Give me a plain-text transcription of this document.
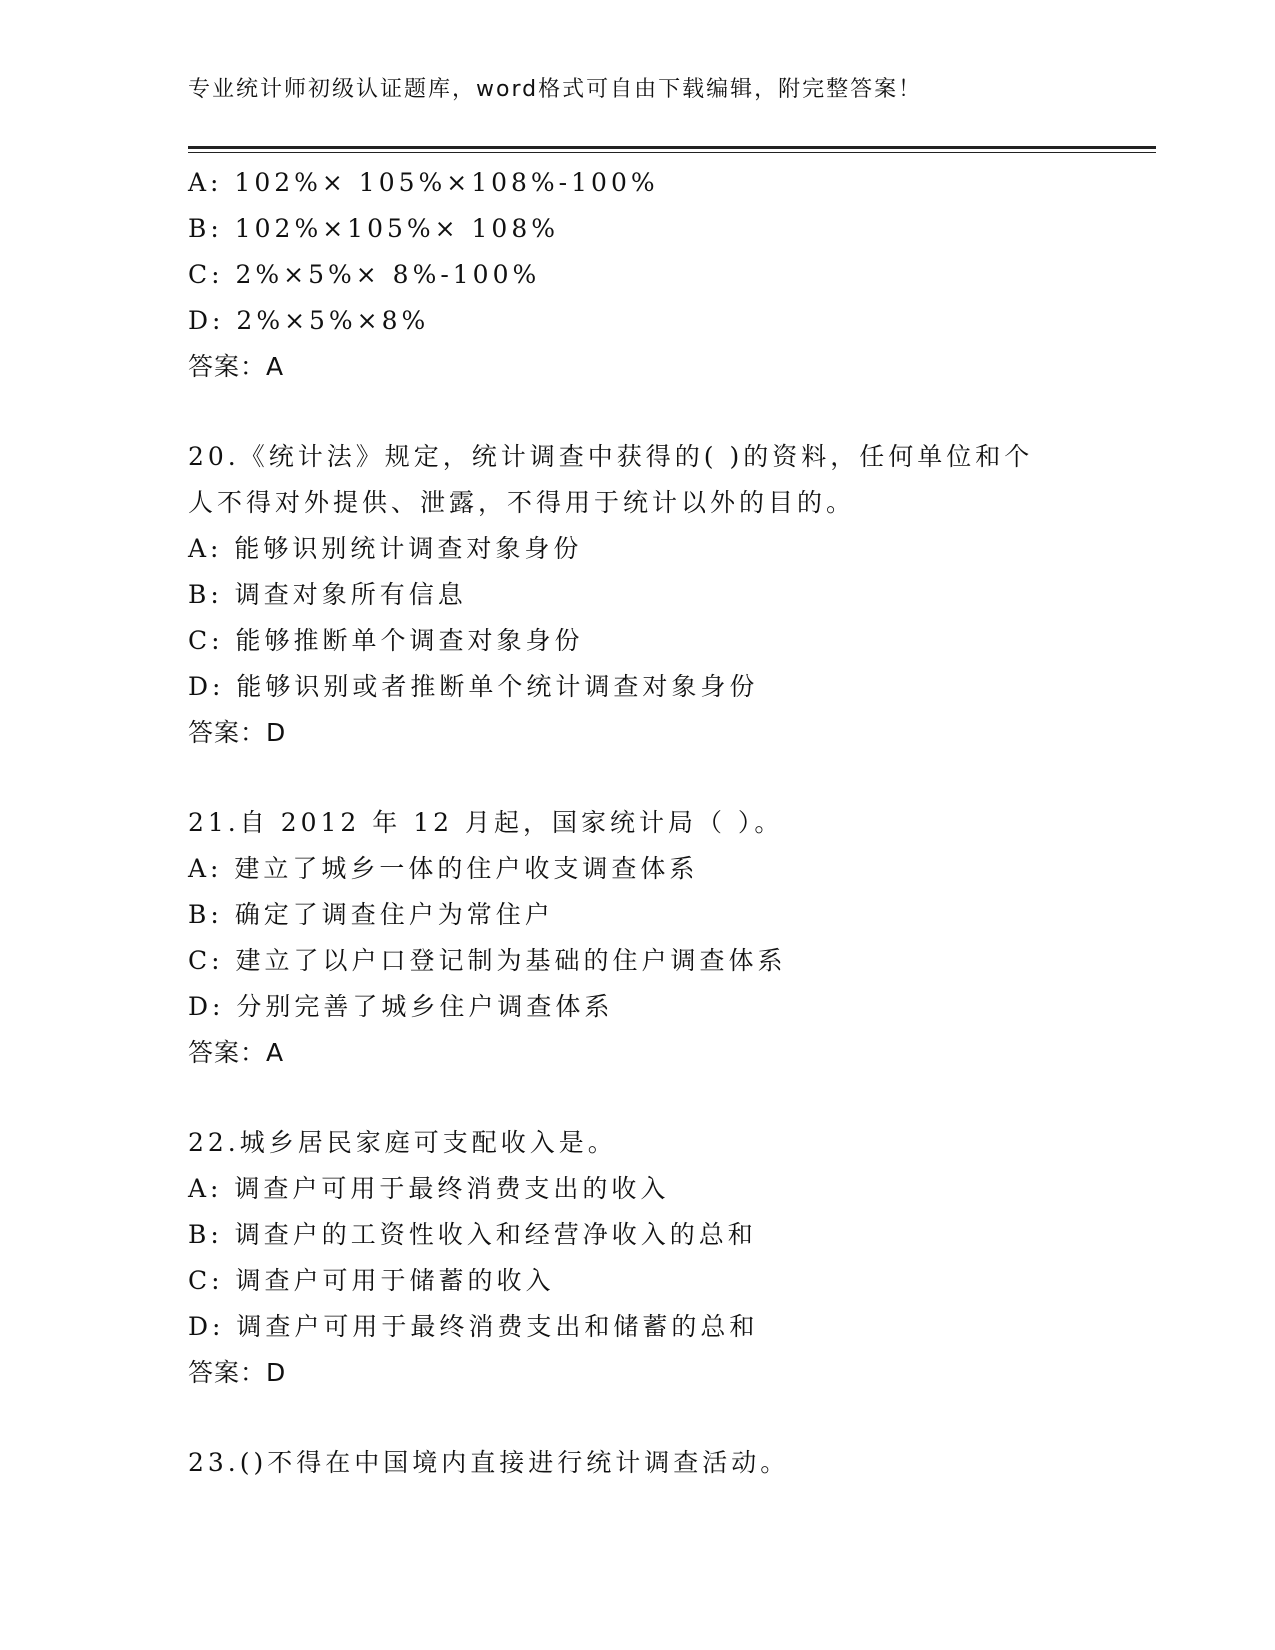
专业统计师初级认证题库，word格式可自由下载编辑，附完整答案！
A: 102%× 105%×108%-100%
B: 102%×105%× 108%
C: 2%×5%× 8%-100%
D: 2%×5%×8%
答案：A
20.《统计法》规定，统计调查中获得的( )的资料，任何单位和个
人不得对外提供、泄露，不得用于统计以外的目的。
A: 能够识别统计调查对象身份
B: 调查对象所有信息
C: 能够推断单个调查对象身份
D: 能够识别或者推断单个统计调查对象身份
答案：D
21.自 2012 年 12 月起，国家统计局（ ）。
A: 建立了城乡一体的住户收支调查体系
B: 确定了调查住户为常住户
C: 建立了以户口登记制为基础的住户调查体系
D: 分别完善了城乡住户调查体系
答案：A
22.城乡居民家庭可支配收入是。
A: 调查户可用于最终消费支出的收入
B: 调查户的工资性收入和经营净收入的总和
C: 调查户可用于储蓄的收入
D: 调查户可用于最终消费支出和储蓄的总和
答案：D
23.()不得在中国境内直接进行统计调查活动。
